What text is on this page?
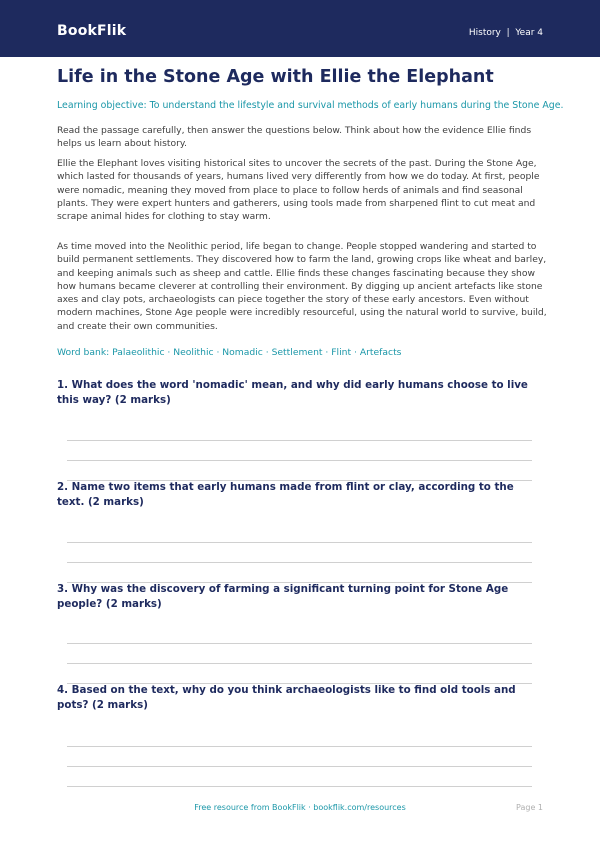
BookFlik	History  |  Year 4
Life in the Stone Age with Ellie the Elephant
Learning objective: To understand the lifestyle and survival methods of early humans during the Stone Age.
Read the passage carefully, then answer the questions below. Think about how the evidence Ellie finds helps us learn about history.
Ellie the Elephant loves visiting historical sites to uncover the secrets of the past. During the Stone Age, which lasted for thousands of years, humans lived very differently from how we do today. At first, people were nomadic, meaning they moved from place to place to follow herds of animals and find seasonal plants. They were expert hunters and gatherers, using tools made from sharpened flint to cut meat and scrape animal hides for clothing to stay warm.
As time moved into the Neolithic period, life began to change. People stopped wandering and started to build permanent settlements. They discovered how to farm the land, growing crops like wheat and barley, and keeping animals such as sheep and cattle. Ellie finds these changes fascinating because they show how humans became cleverer at controlling their environment. By digging up ancient artefacts like stone axes and clay pots, archaeologists can piece together the story of these early ancestors. Even without modern machines, Stone Age people were incredibly resourceful, using the natural world to survive, build, and create their own communities.
Word bank: Palaeolithic · Neolithic · Nomadic · Settlement · Flint · Artefacts
1. What does the word 'nomadic' mean, and why did early humans choose to live this way? (2 marks)
2. Name two items that early humans made from flint or clay, according to the text. (2 marks)
3. Why was the discovery of farming a significant turning point for Stone Age people? (2 marks)
4. Based on the text, why do you think archaeologists like to find old tools and pots? (2 marks)
Free resource from BookFlik · bookflik.com/resources	Page 1
